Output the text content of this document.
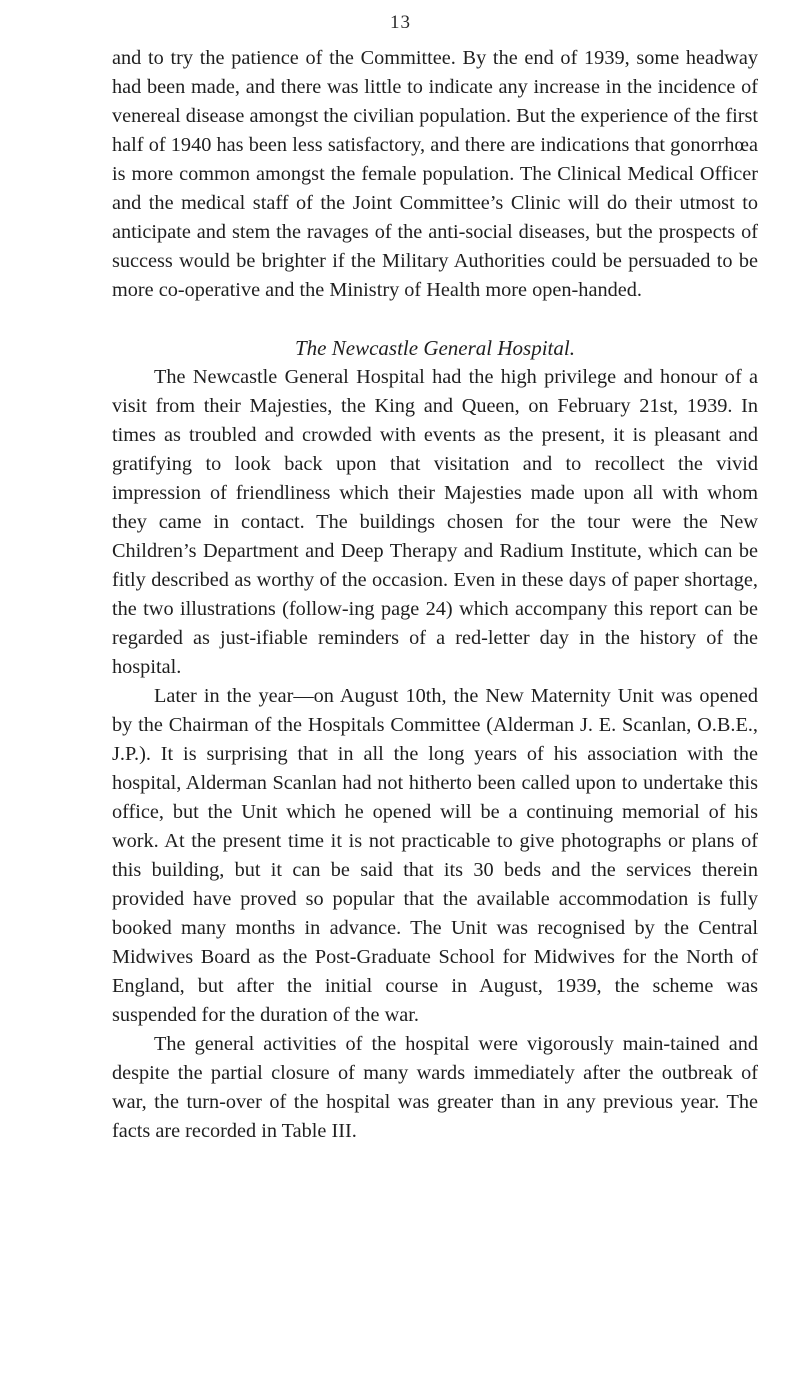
13

and to try the patience of the Committee. By the end of 1939, some headway had been made, and there was little to indicate any increase in the incidence of venereal disease amongst the civilian population. But the experience of the first half of 1940 has been less satisfactory, and there are indications that gonorrhœa is more common amongst the female population. The Clinical Medical Officer and the medical staff of the Joint Committee’s Clinic will do their utmost to anticipate and stem the ravages of the anti-social diseases, but the prospects of success would be brighter if the Military Authorities could be persuaded to be more co-operative and the Ministry of Health more open-handed.

The Newcastle General Hospital.

The Newcastle General Hospital had the high privilege and honour of a visit from their Majesties, the King and Queen, on February 21st, 1939. In times as troubled and crowded with events as the present, it is pleasant and gratifying to look back upon that visitation and to recollect the vivid impression of friendliness which their Majesties made upon all with whom they came in contact. The buildings chosen for the tour were the New Children’s Department and Deep Therapy and Radium Institute, which can be fitly described as worthy of the occasion. Even in these days of paper shortage, the two illustrations (follow-ing page 24) which accompany this report can be regarded as just-ifiable reminders of a red-letter day in the history of the hospital.

Later in the year—on August 10th, the New Maternity Unit was opened by the Chairman of the Hospitals Committee (Alderman J. E. Scanlan, O.B.E., J.P.). It is surprising that in all the long years of his association with the hospital, Alderman Scanlan had not hitherto been called upon to undertake this office, but the Unit which he opened will be a continuing memorial of his work. At the present time it is not practicable to give photographs or plans of this building, but it can be said that its 30 beds and the services therein provided have proved so popular that the available accommodation is fully booked many months in advance. The Unit was recognised by the Central Midwives Board as the Post-Graduate School for Midwives for the North of England, but after the initial course in August, 1939, the scheme was suspended for the duration of the war.

The general activities of the hospital were vigorously main-tained and despite the partial closure of many wards immediately after the outbreak of war, the turn-over of the hospital was greater than in any previous year. The facts are recorded in Table III.
